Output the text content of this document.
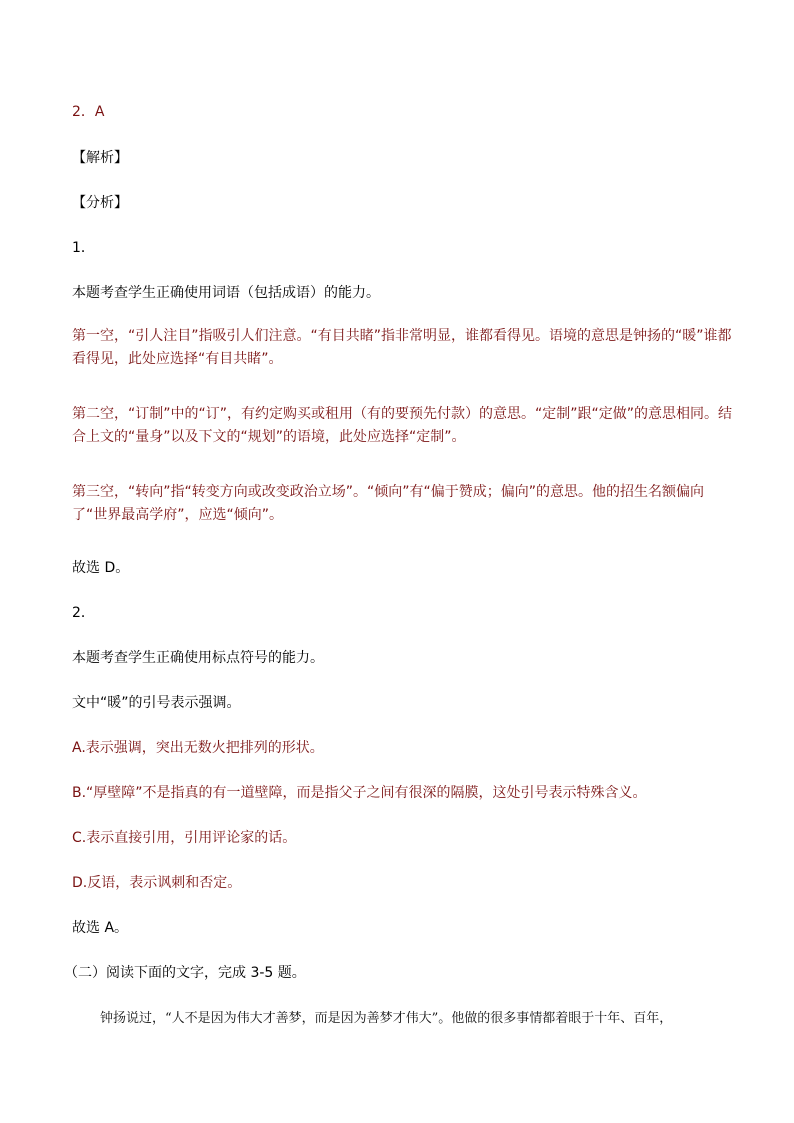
2．A

【解析】

【分析】

1．

本题考查学生正确使用词语（包括成语）的能力。

第一空，“引人注目”指吸引人们注意。“有目共睹”指非常明显，谁都看得见。语境的意思是钟扬的“暖”谁都看得见，此处应选择“有目共睹”。

第二空，“订制”中的“订”，有约定购买或租用（有的要预先付款）的意思。“定制”跟“定做”的意思相同。结合上文的“量身”以及下文的“规划”的语境，此处应选择“定制”。

第三空，“转向”指“转变方向或改变政治立场”。“倾向”有“偏于赞成；偏向”的意思。他的招生名额偏向了“世界最高学府”，应选“倾向”。

故选 D。

2．

本题考查学生正确使用标点符号的能力。

文中“暖”的引号表示强调。

A.表示强调，突出无数火把排列的形状。

B.“厚壁障”不是指真的有一道壁障，而是指父子之间有很深的隔膜，这处引号表示特殊含义。

C.表示直接引用，引用评论家的话。

D.反语，表示讽刺和否定。

故选 A。

（二）阅读下面的文字，完成 3-5 题。

钟扬说过，“人不是因为伟大才善梦，而是因为善梦才伟大”。他做的很多事情都着眼于十年、百年，
